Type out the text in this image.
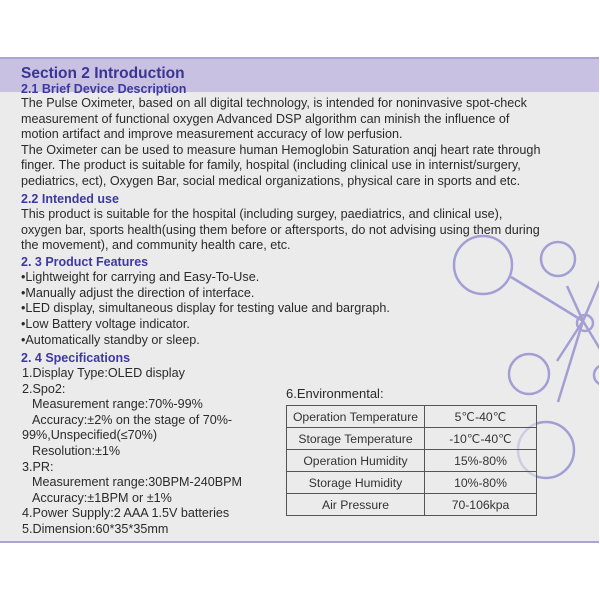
Section 2 Introduction
2.1 Brief Device Description
The Pulse Oximeter, based on all digital technology, is intended for noninvasive spot-check
measurement of functional oxygen Advanced DSP algorithm can minish the influence of
motion artifact and improve measurement accuracy of low perfusion.
The Oximeter can be used to measure human Hemoglobin Saturation anqj heart rate through
finger. The product is suitable for family, hospital (including clinical use in internist/surgery,
pediatrics, ect), Oxygen Bar, social medical organizations, physical care in sports and etc.
2.2 Intended use
This product is suitable for the hospital (including surgey, paediatrics, and clinical use),
oxygen bar, sports health(using them before or aftersports, do not advising using them during
the movement), and community health care, etc.
2. 3 Product Features
•Lightweight for carrying and Easy-To-Use.
•Manually adjust the direction of interface.
•LED display, simultaneous display for testing value and bargraph.
•Low Battery voltage indicator.
•Automatically standby or sleep.
2. 4 Specifications
1.Display Type:OLED display
2.Spo2:
Measurement range:70%-99%
Accuracy:±2% on the stage of 70%-
99%,Unspecified(≤70%)
Resolution:±1%
3.PR:
Measurement range:30BPM-240BPM
Accuracy:±1BPM or ±1%
4.Power Supply:2 AAA 1.5V batteries
5.Dimension:60*35*35mm
6.Environmental:
Operation Temperature	5℃-40℃
Storage Temperature	-10℃-40℃
Operation Humidity	15%-80%
Storage Humidity	10%-80%
Air Pressure	70-106kpa
